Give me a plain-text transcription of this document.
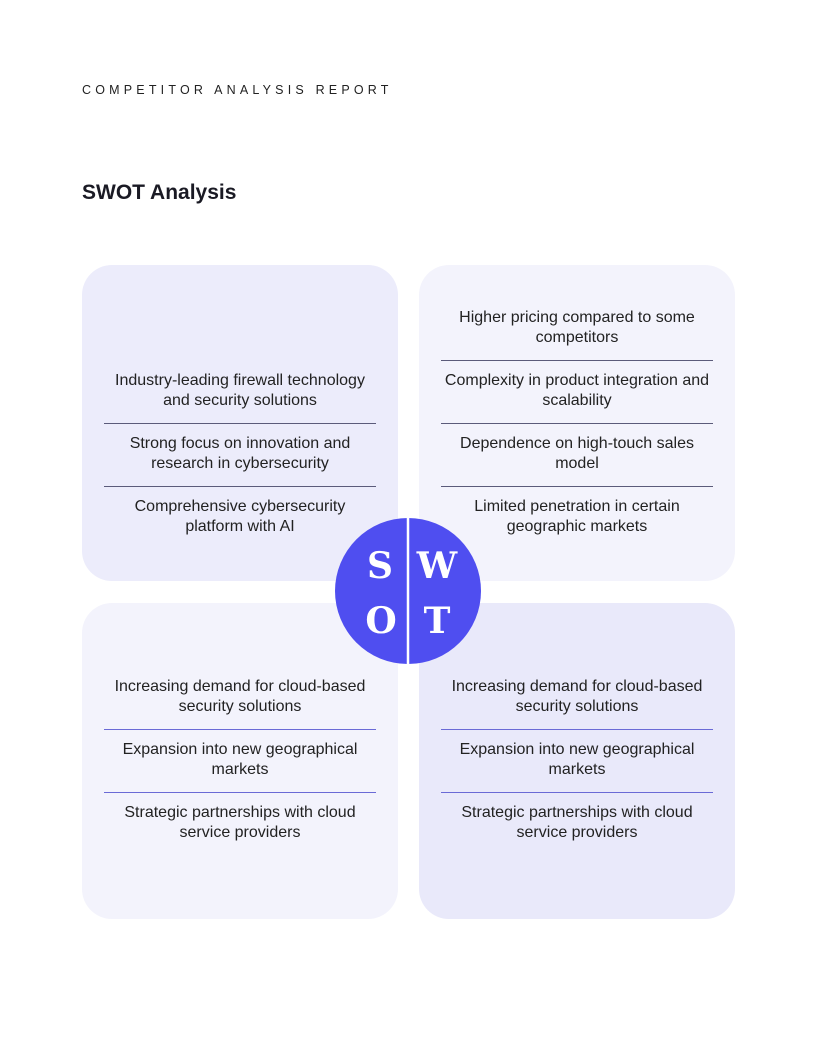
COMPETITOR ANALYSIS REPORT
SWOT Analysis
Industry-leading firewall technology and security solutions
Strong focus on innovation and research in cybersecurity
Comprehensive cybersecurity platform with AI
Higher pricing compared to some competitors
Complexity in product integration and scalability
Dependence on high-touch sales model
Limited penetration in certain geographic markets
Increasing demand for cloud-based security solutions
Expansion into new geographical markets
Strategic partnerships with cloud service providers
Increasing demand for cloud-based security solutions
Expansion into new geographical markets
Strategic partnerships with cloud service providers
S W
O T
